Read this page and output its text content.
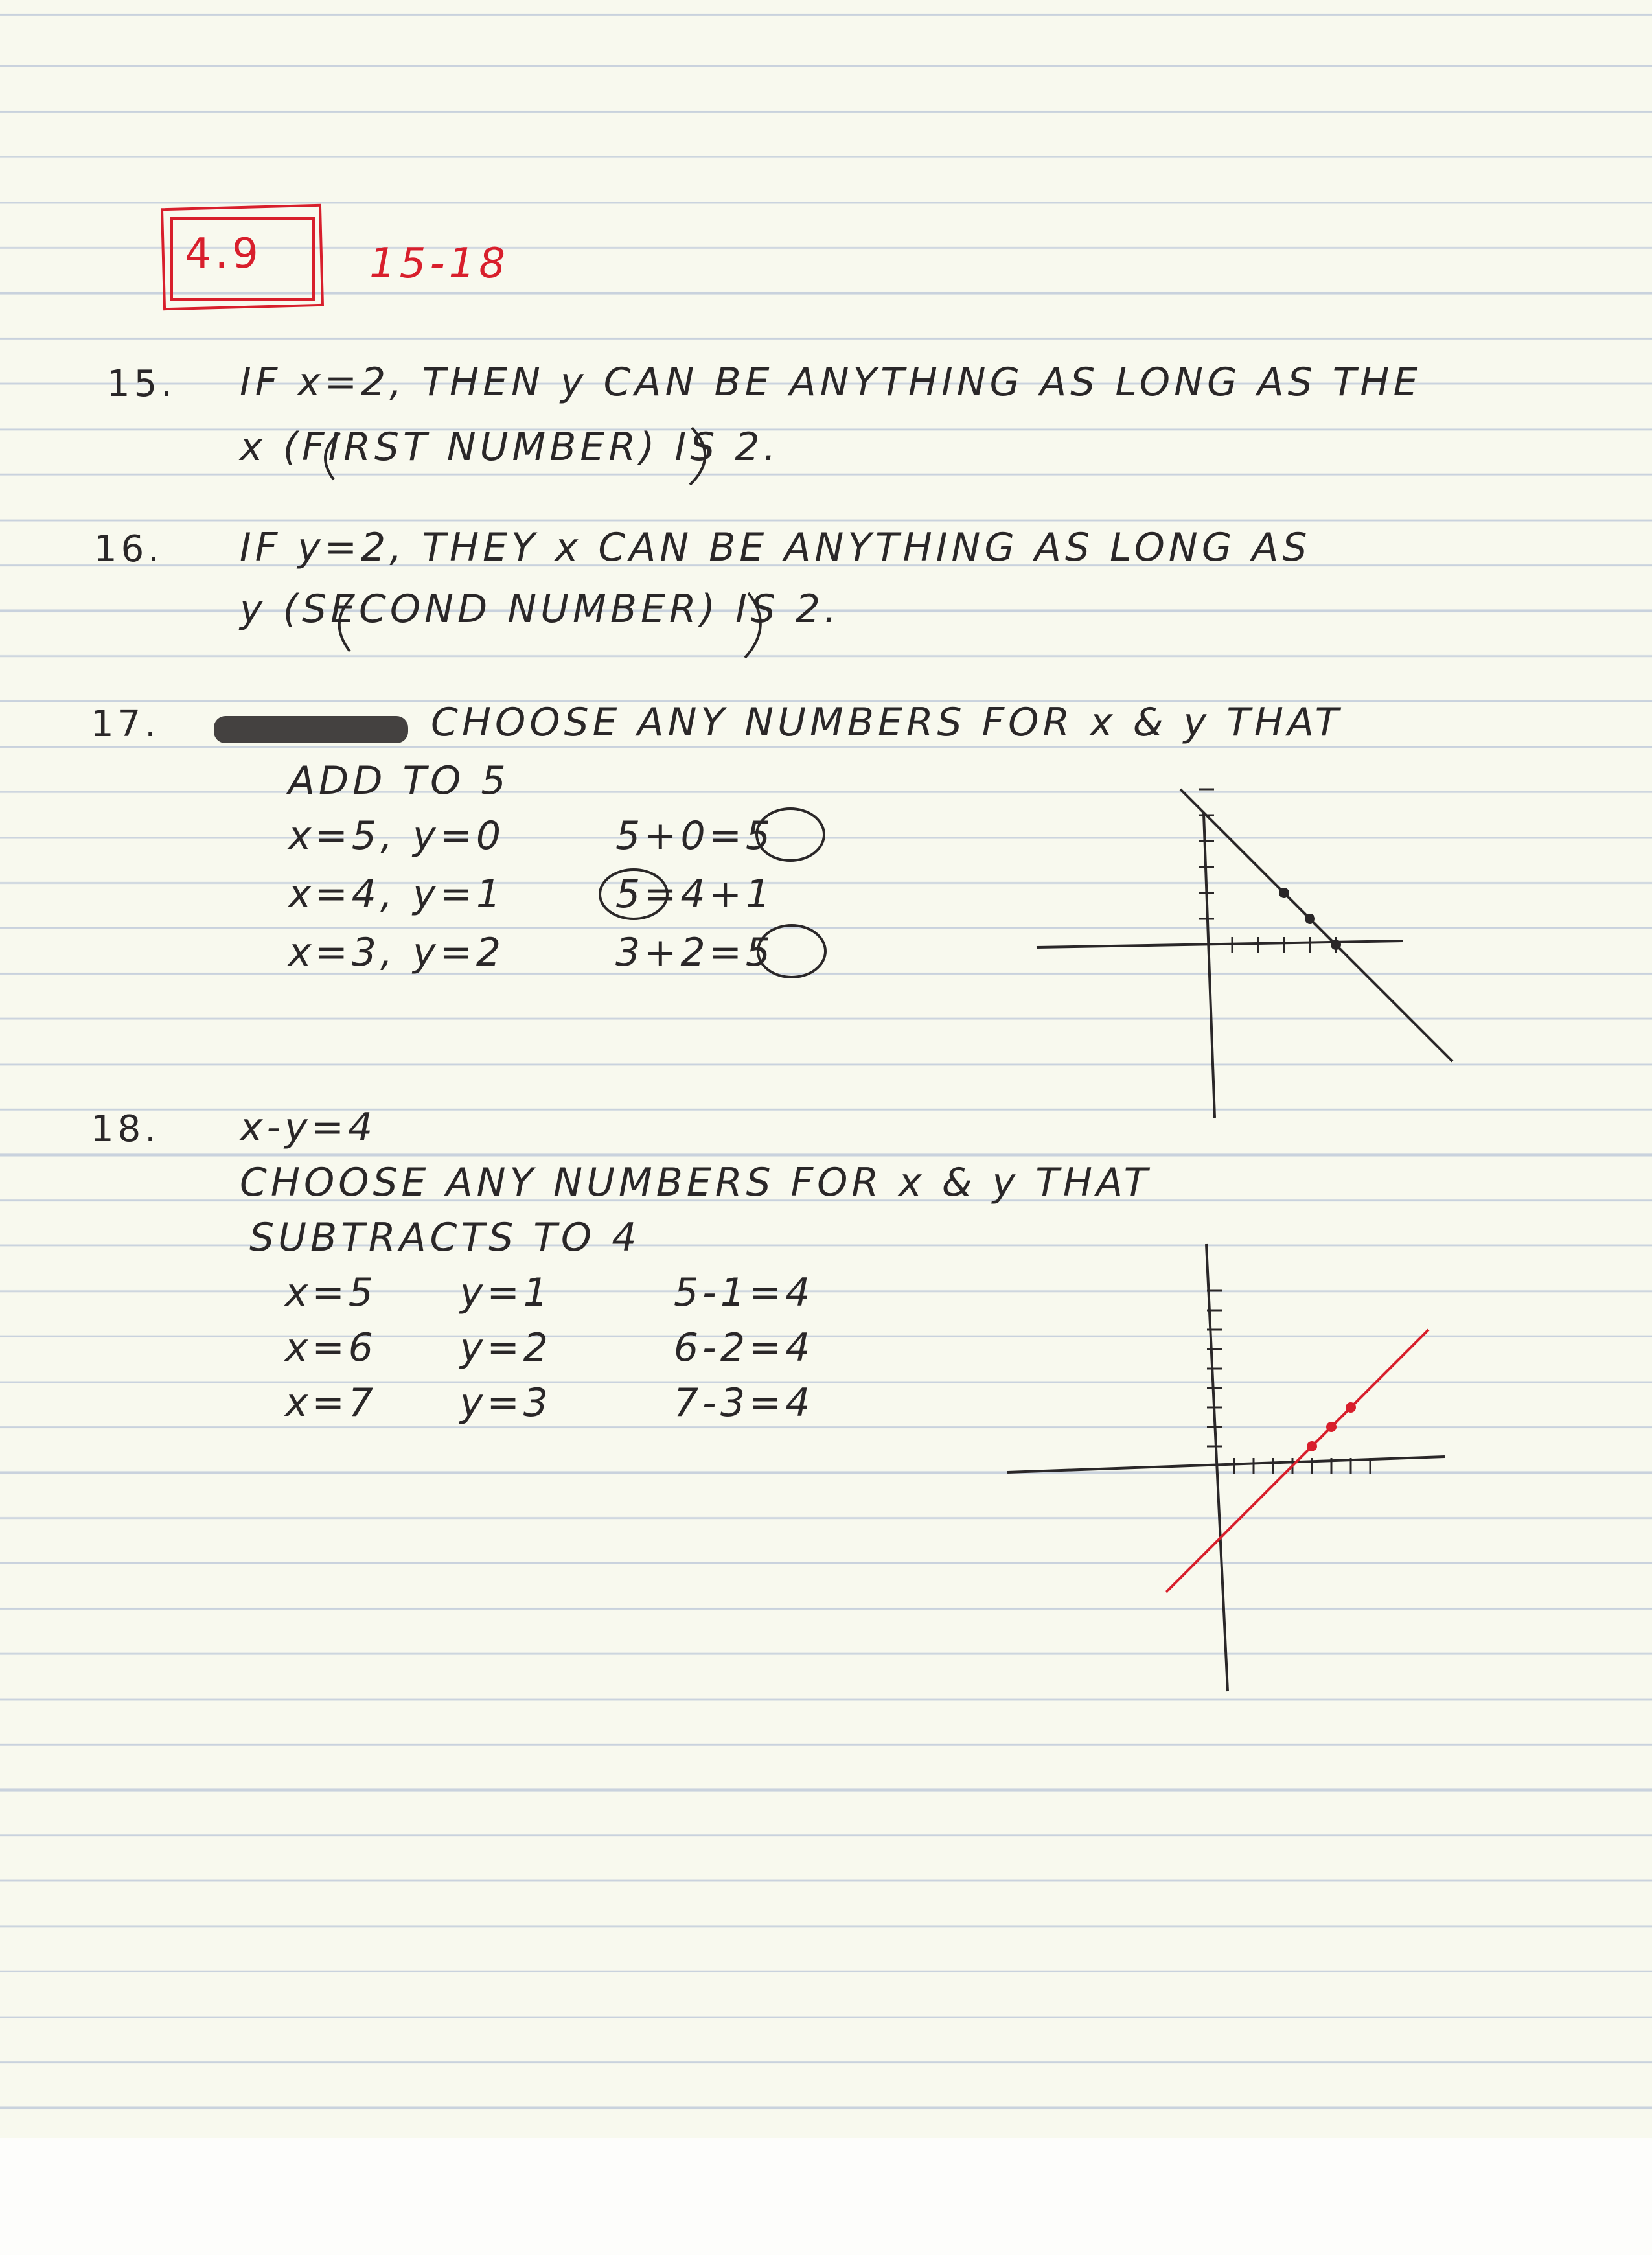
4.9	15-18
15. IF x=2, THEN y CAN BE ANYTHING AS LONG AS THE
x (FIRST NUMBER) IS 2.
16. IF y=2, THEY x CAN BE ANYTHING AS LONG AS
y (SECOND NUMBER) IS 2.
17.	CHOOSE ANY NUMBERS FOR x & y THAT
ADD TO 5
x=5, y=0
x=4, y=1
x=3, y=2
5+0=5
5=4+1
3+2=5
18. x-y=4
CHOOSE ANY NUMBERS FOR x & y THAT
SUBTRACTS TO 4
x=5
x=6
x=7
y=1
y=2
y=3
5-1=4
6-2=4
7-3=4
